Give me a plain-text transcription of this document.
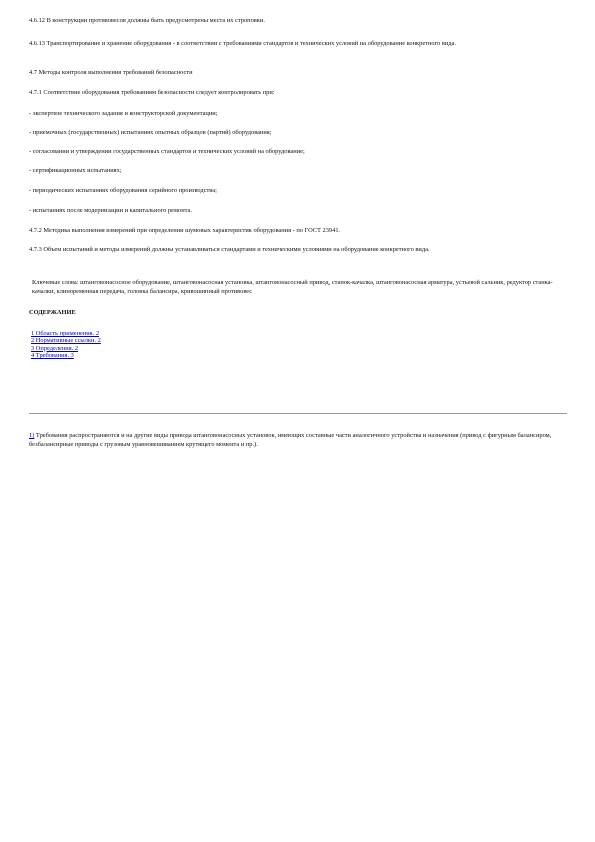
4.6.12 В конструкции противовесов должны быть предусмотрены места их строповки.

4.6.13 Транспортирование и хранение оборудования - в соответствии с требованиями стандартов и технических условий на оборудование конкретного вида.

4.7 Методы контроля выполнения требований безопасности

4.7.1 Соответствие оборудования требованиям безопасности следует контролировать при:

- экспертизе технического задания и конструкторской документации;

- приемочных (государственных) испытаниях опытных образцов (партий) оборудования;

- согласовании и утверждении государственных стандартов и технических условий на оборудование;

- сертификационных испытаниях;

- периодических испытаниях оборудования серийного производства;

- испытаниях после модернизации и капитального ремонта.

4.7.2 Методика выполнения измерений при определении шумовых характеристик оборудования - по ГОСТ 23941.

4.7.3 Объем испытаний и методы измерений должны устанавливаться стандартами и техническими условиями на оборудование конкретного вида.

Ключевые слова: штанговонасосное оборудование, штанговонасосная установка, штанговонасосный привод, станок-качалка, штанговонасосная арматура, устьевой сальник, редуктор станка-качалки, клиноременная передача, головка балансира, кривошипный противовес

СОДЕРЖАНИЕ

1 Область применения. 2
2 Нормативные ссылки. 2
3 Определения. 2
4 Требования. 3

1) Требования распространяются и на другие виды привода штанговонасосных установок, имеющих составные части аналогичного устройства и назначения (привод с фигурным балансиром, безбалансирные приводы с грузовым уравновешиванием крутящего момента и пр.).
